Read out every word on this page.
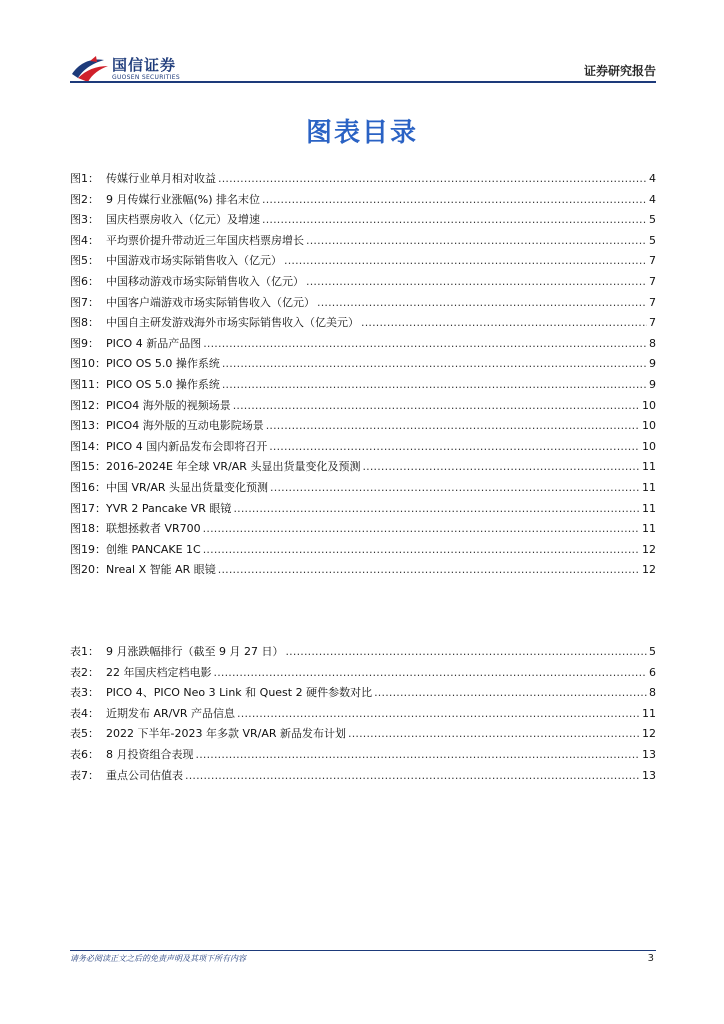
国信证券
GUOSEN SECURITIES	证券研究报告
图表目录
图1： 传媒行业单月相对收益 .....	4
图2： 9 月传媒行业涨幅(%) 排名末位 .....	4
图3： 国庆档票房收入（亿元）及增速 .....	5
图4： 平均票价提升带动近三年国庆档票房增长 .....	5
图5： 中国游戏市场实际销售收入（亿元） .....	7
图6： 中国移动游戏市场实际销售收入（亿元） .....	7
图7： 中国客户端游戏市场实际销售收入（亿元） .....	7
图8： 中国自主研发游戏海外市场实际销售收入（亿美元） .....	7
图9： PICO 4 新品产品图 .....	8
图10： PICO OS 5.0 操作系统 .....	9
图11： PICO OS 5.0 操作系统 .....	9
图12： PICO4 海外版的视频场景 .....	10
图13： PICO4 海外版的互动电影院场景 .....	10
图14： PICO 4 国内新品发布会即将召开 .....	10
图15： 2016-2024E 年全球 VR/AR 头显出货量变化及预测 .....	11
图16： 中国 VR/AR 头显出货量变化预测 .....	11
图17： YVR 2 Pancake VR 眼镜 .....	11
图18： 联想拯救者 VR700 .....	11
图19： 创维 PANCAKE 1C .....	12
图20： Nreal X 智能 AR 眼镜 .....	12
表1： 9 月涨跌幅排行（截至 9 月 27 日） .....	5
表2： 22 年国庆档定档电影 .....	6
表3： PICO 4、PICO Neo 3 Link 和 Quest 2 硬件参数对比 .....	8
表4： 近期发布 AR/VR 产品信息 .....	11
表5： 2022 下半年-2023 年多款 VR/AR 新品发布计划 .....	12
表6： 8 月投资组合表现 .....	13
表7： 重点公司估值表 .....	13
请务必阅读正文之后的免责声明及其项下所有内容	3
